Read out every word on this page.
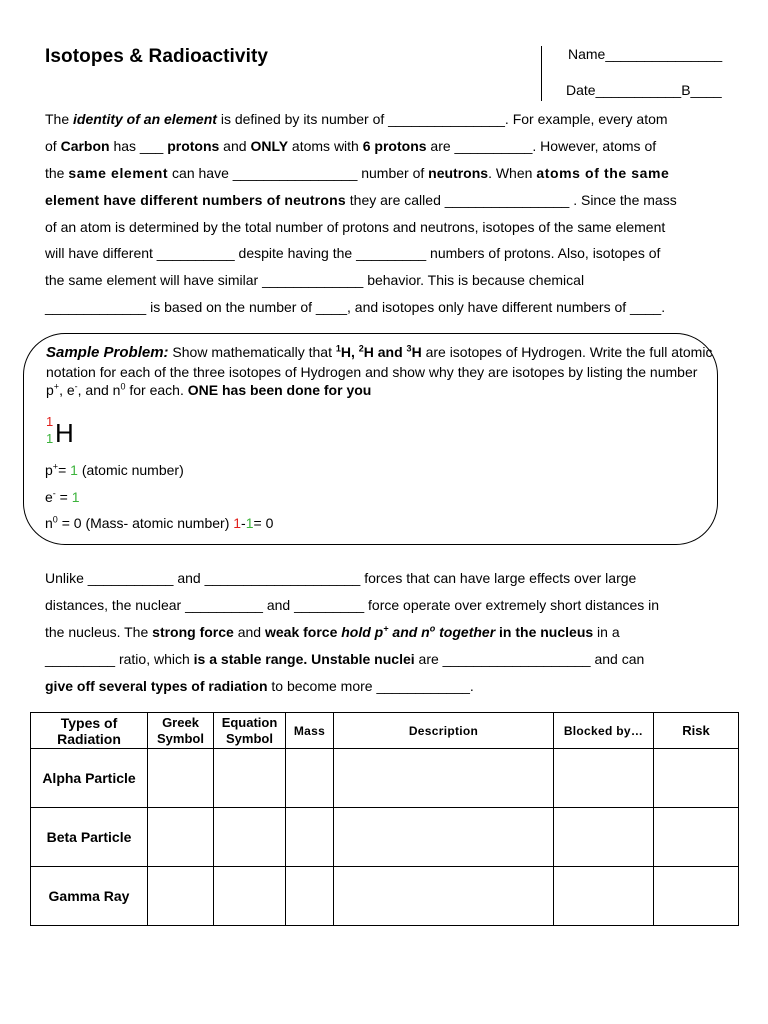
Isotopes & Radioactivity	Name_______________
Date___________B____
The identity of an element is defined by its number of _______________. For example, every atom
of Carbon has ___ protons and ONLY atoms with 6 protons are __________. However, atoms of
the same element can have ________________ number of neutrons. When atoms of the same
element have different numbers of neutrons they are called ________________ . Since the mass
of an atom is determined by the total number of protons and neutrons, isotopes of the same element
will have different __________ despite having the _________ numbers of protons. Also, isotopes of
the same element will have similar _____________ behavior. This is because chemical
_____________ is based on the number of ____, and isotopes only have different numbers of ____.
Sample Problem: Show mathematically that $^1$H, $^2$H and $^3$H are isotopes of Hydrogen. Write the full atomic notation for each of the three isotopes of Hydrogen and show why they are isotopes by listing the number p+, e-, and $n^0$ for each. ONE has been done for you
1
1 H
p+= 1 (atomic number)
e- = 1
$n^0 = 0$ (Mass- atomic number) 1-1= 0
Unlike ___________ and ____________________ forces that can have large effects over large
distances, the nuclear __________ and _________ force operate over extremely short distances in
the nucleus. The strong force and weak force hold p+ and $n^o$ together in the nucleus in a
_________ ratio, which is a stable range. Unstable nuclei are ___________________ and can
give off several types of radiation to become more ____________.
Types of Radiation	Greek Symbol	Equation Symbol	Mass	Description	Blocked by…	Risk
Alpha Particle						
Beta Particle						
Gamma Ray						
